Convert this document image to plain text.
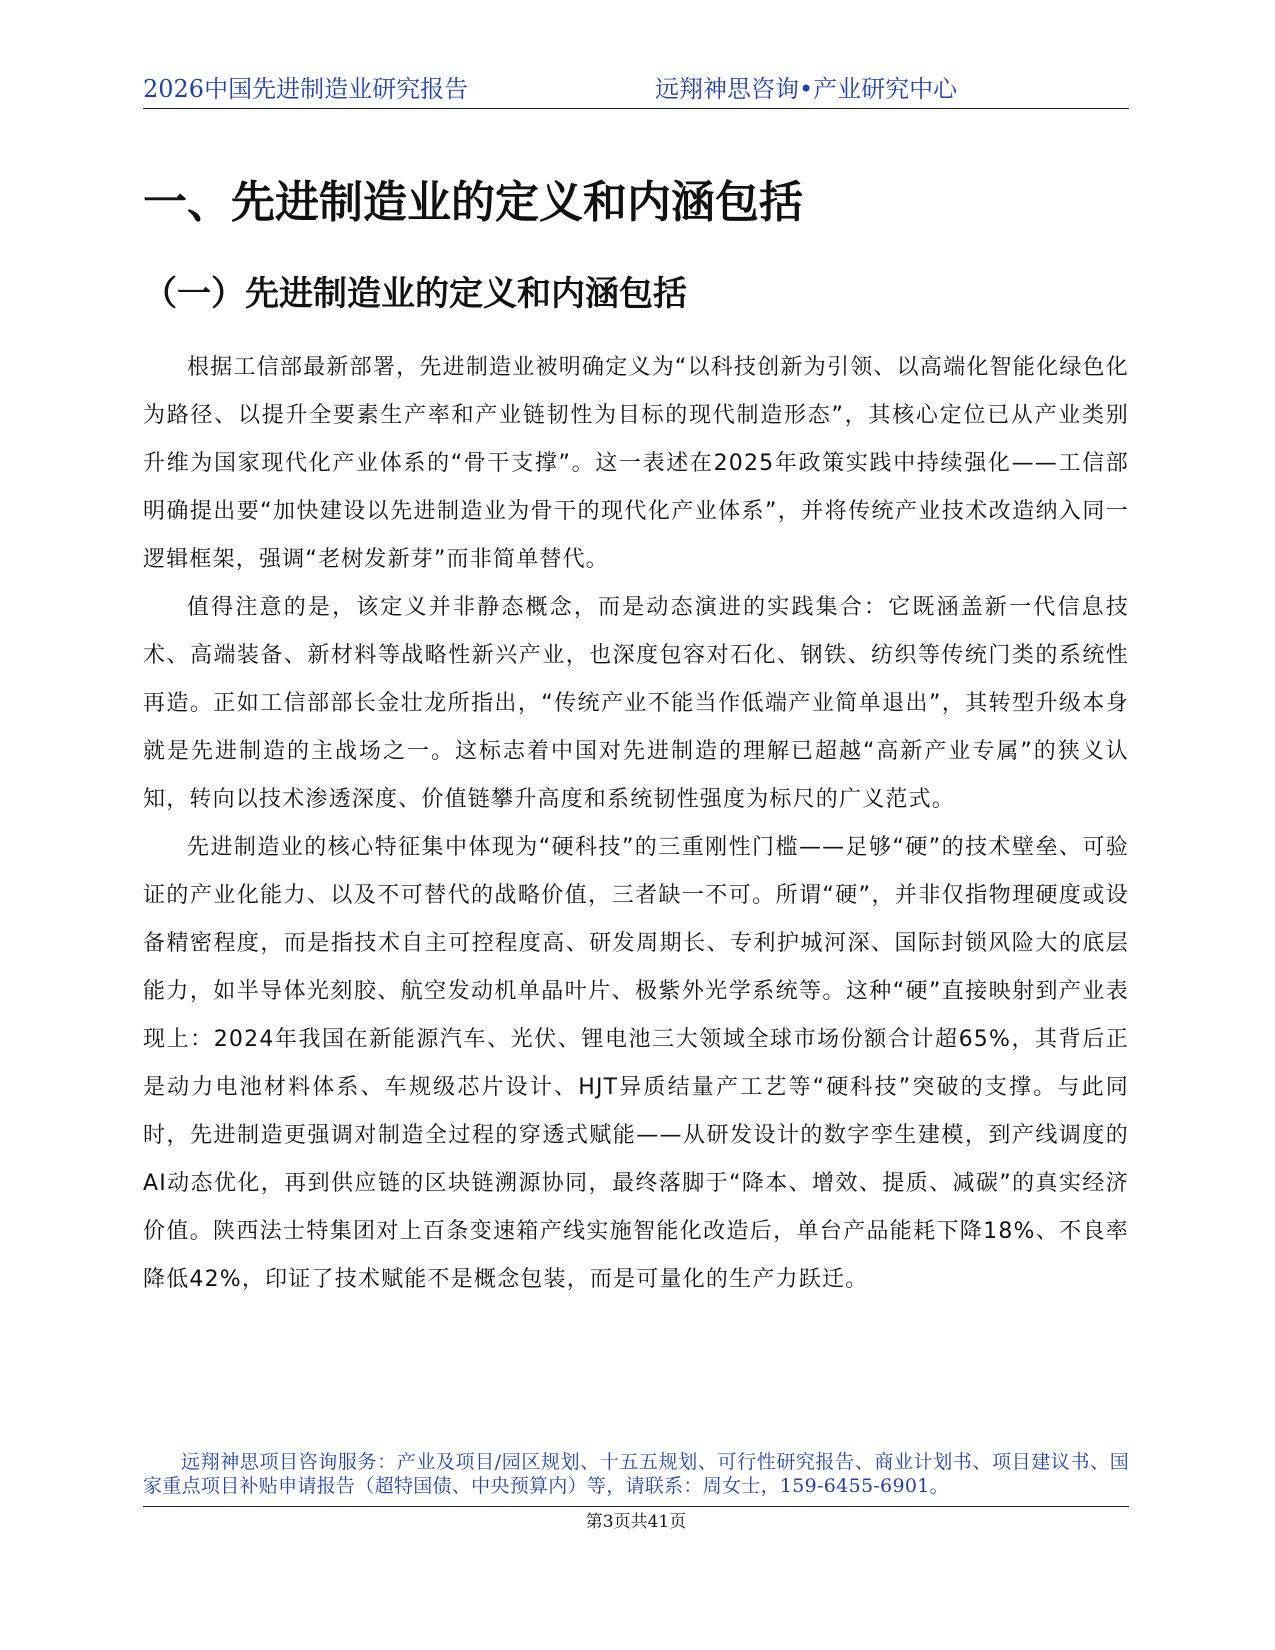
2026中国先进制造业研究报告	远翔神思咨询•产业研究中心
一、先进制造业的定义和内涵包括
（一）先进制造业的定义和内涵包括

根据工信部最新部署，先进制造业被明确定义为“以科技创新为引领、以高端化智能化绿色化为路径、以提升全要素生产率和产业链韧性为目标的现代制造形态”，其核心定位已从产业类别升维为国家现代化产业体系的“骨干支撑”。这一表述在2025年政策实践中持续强化——工信部明确提出要“加快建设以先进制造业为骨干的现代化产业体系”，并将传统产业技术改造纳入同一逻辑框架，强调“老树发新芽”而非简单替代。

值得注意的是，该定义并非静态概念，而是动态演进的实践集合：它既涵盖新一代信息技术、高端装备、新材料等战略性新兴产业，也深度包容对石化、钢铁、纺织等传统门类的系统性再造。正如工信部部长金壮龙所指出，“传统产业不能当作低端产业简单退出”，其转型升级本身就是先进制造的主战场之一。这标志着中国对先进制造的理解已超越“高新产业专属”的狭义认知，转向以技术渗透深度、价值链攀升高度和系统韧性强度为标尺的广义范式。

先进制造业的核心特征集中体现为“硬科技”的三重刚性门槛——足够“硬”的技术壁垒、可验证的产业化能力、以及不可替代的战略价值，三者缺一不可。所谓“硬”，并非仅指物理硬度或设备精密程度，而是指技术自主可控程度高、研发周期长、专利护城河深、国际封锁风险大的底层能力，如半导体光刻胶、航空发动机单晶叶片、极紫外光学系统等。这种“硬”直接映射到产业表现上：2024年我国在新能源汽车、光伏、锂电池三大领域全球市场份额合计超65%，其背后正是动力电池材料体系、车规级芯片设计、HJT异质结量产工艺等“硬科技”突破的支撑。与此同时，先进制造更强调对制造全过程的穿透式赋能——从研发设计的数字孪生建模，到产线调度的AI动态优化，再到供应链的区块链溯源协同，最终落脚于“降本、增效、提质、减碳”的真实经济价值。陕西法士特集团对上百条变速箱产线实施智能化改造后，单台产品能耗下降18%、不良率降低42%，印证了技术赋能不是概念包装，而是可量化的生产力跃迁。

远翔神思项目咨询服务：产业及项目/园区规划、十五五规划、可行性研究报告、商业计划书、项目建议书、国家重点项目补贴申请报告（超特国债、中央预算内）等，请联系：周女士，159-6455-6901。
第3页共41页
